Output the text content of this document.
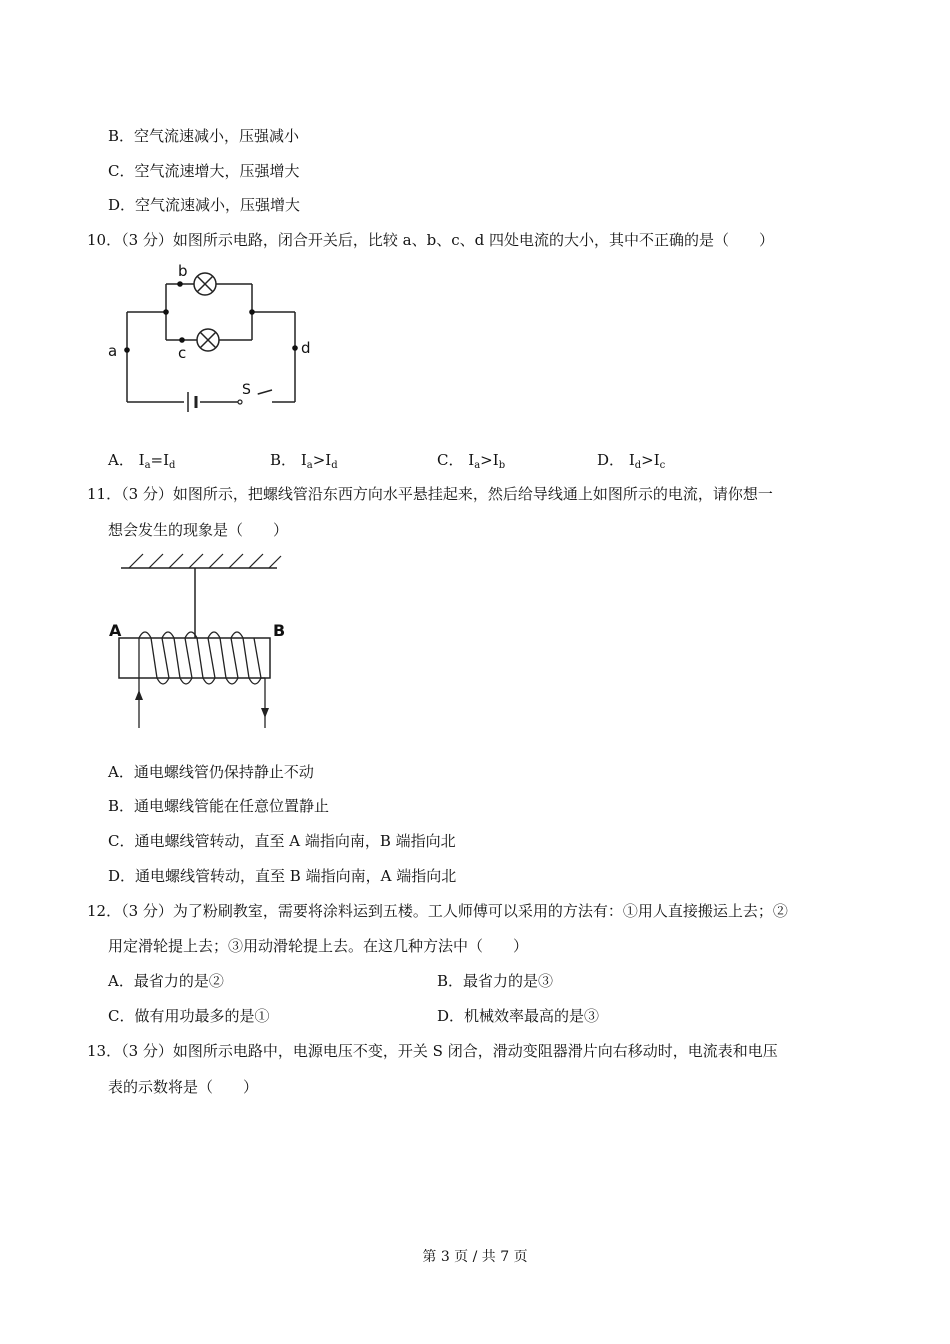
B．空气流速减小，压强减小
C．空气流速增大，压强增大
D．空气流速减小，压强增大
10．（3 分）如图所示电路，闭合开关后，比较 a、b、c、d 四处电流的大小，其中不正确的是（　　）
b
c
a	d
S
A． $I_a=I_d$	B． $I_a>I_d$	C． $I_a>I_b$	D． $I_d>I_c$
11．（3 分）如图所示，把螺线管沿东西方向水平悬挂起来，然后给导线通上如图所示的电流，请你想一
想会发生的现象是（　　）
A	B
A．通电螺线管仍保持静止不动
B．通电螺线管能在任意位置静止
C．通电螺线管转动，直至 A 端指向南，B 端指向北
D．通电螺线管转动，直至 B 端指向南，A 端指向北
12．（3 分）为了粉刷教室，需要将涂料运到五楼。工人师傅可以采用的方法有：①用人直接搬运上去；②
用定滑轮提上去；③用动滑轮提上去。在这几种方法中（　　）
A．最省力的是②	B．最省力的是③
C．做有用功最多的是①	D．机械效率最高的是③
13．（3 分）如图所示电路中，电源电压不变，开关 S 闭合，滑动变阻器滑片向右移动时，电流表和电压
表的示数将是（　　）
第 3 页 / 共 7 页
